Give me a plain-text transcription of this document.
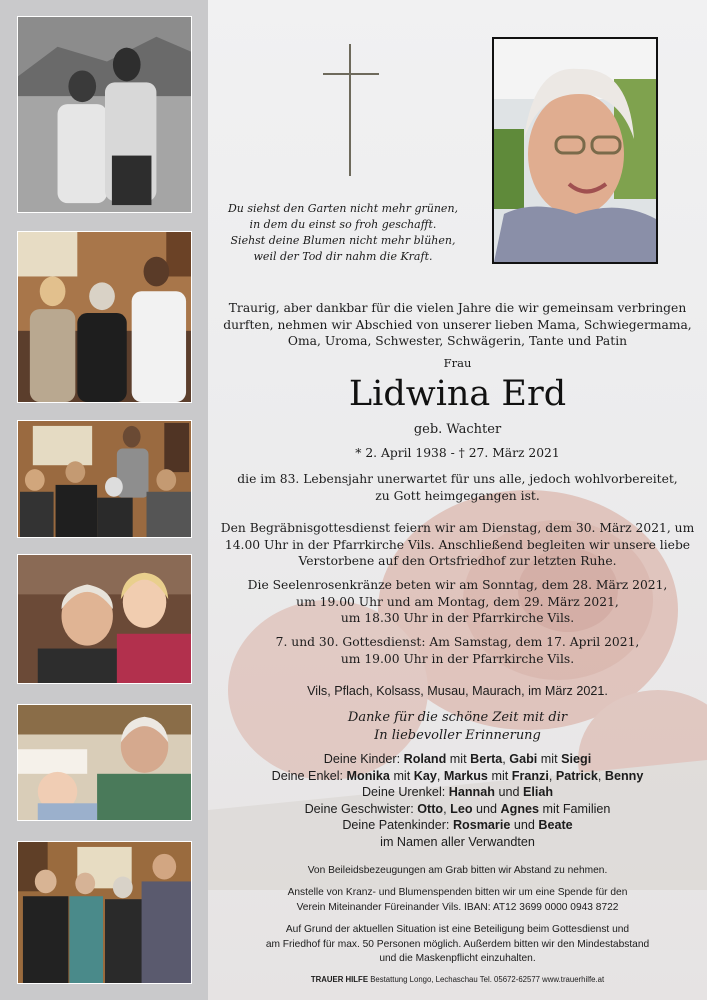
Du siehst den Garten nicht mehr grünen,
in dem du einst so froh geschafft.
Siehst deine Blumen nicht mehr blühen,
weil der Tod dir nahm die Kraft.
Traurig, aber dankbar für die vielen Jahre die wir gemeinsam verbringen
durften, nehmen wir Abschied von unserer lieben Mama, Schwiegermama,
Oma, Uroma, Schwester, Schwägerin, Tante und Patin
Frau
Lidwina Erd
geb. Wachter
* 2. April 1938 - † 27. März 2021
die im 83. Lebensjahr unerwartet für uns alle, jedoch wohlvorbereitet,
zu Gott heimgegangen ist.
Den Begräbnisgottesdienst feiern wir am Dienstag, dem 30. März 2021, um
14.00 Uhr in der Pfarrkirche Vils. Anschließend begleiten wir unsere liebe
Verstorbene auf den Ortsfriedhof zur letzten Ruhe.
Die Seelenrosenkränze beten wir am Sonntag, dem 28. März 2021,
um 19.00 Uhr und am Montag, dem 29. März 2021,
um 18.30 Uhr in der Pfarrkirche Vils.
7. und 30. Gottesdienst: Am Samstag, dem 17. April 2021,
um 19.00 Uhr in der Pfarrkirche Vils.
Vils, Pflach, Kolsass, Musau, Maurach, im März 2021.
Danke für die schöne Zeit mit dir
In liebevoller Erinnerung
Deine Kinder: Roland mit Berta, Gabi mit Siegi
Deine Enkel: Monika mit Kay, Markus mit Franzi, Patrick, Benny
Deine Urenkel: Hannah und Eliah
Deine Geschwister: Otto, Leo und Agnes mit Familien
Deine Patenkinder: Rosmarie und Beate
im Namen aller Verwandten
Von Beileidsbezeugungen am Grab bitten wir Abstand zu nehmen.
Anstelle von Kranz- und Blumenspenden bitten wir um eine Spende für den
Verein Miteinander Füreinander Vils. IBAN: AT12 3699 0000 0943 8722
Auf Grund der aktuellen Situation ist eine Beteiligung beim Gottesdienst und
am Friedhof für max. 50 Personen möglich. Außerdem bitten wir den Mindestabstand
und die Maskenpflicht einzuhalten.
TRAUER HILFE Bestattung Longo, Lechaschau Tel. 05672-62577 www.trauerhilfe.at
